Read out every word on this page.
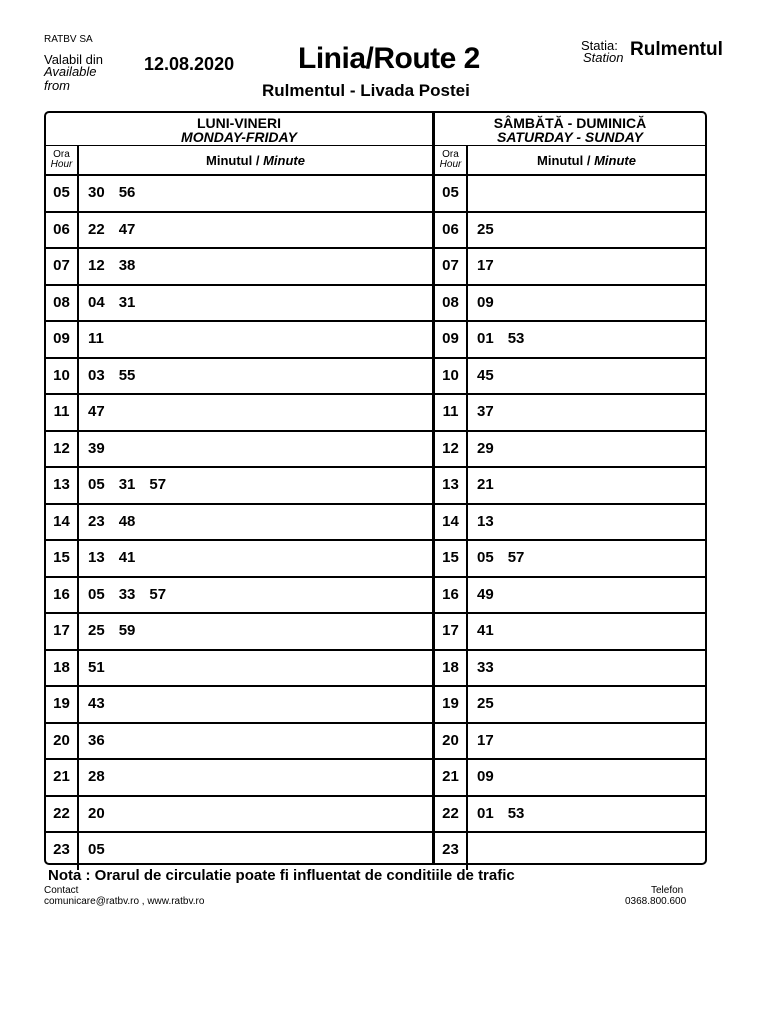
RATBV SA
Valabil din
Available from
12.08.2020 Linia/Route 2
Rulmentul - Livada Postei
Statia:
Station Rulmentul
LUNI-VINERI
MONDAY-FRIDAY
Ora
Hour	Minutul / Minute
05	30 56
06	22 47
07	12 38
08	04 31
09	11
10	03 55
11	47
12	39
13	05 31 57
14	23 48
15	13 41
16	05 33 57
17	25 59
18	51
19	43
20	36
21	28
22	20
23	05
SÂMBĂTĂ - DUMINICĂ
SATURDAY - SUNDAY
Ora
Hour	Minutul / Minute
05
06	25
07	17
08	09
09	01 53
10	45
11	37
12	29
13	21
14	13
15	05 57
16	49
17	41
18	33
19	25
20	17
21	09
22	01 53
23
Nota : Orarul de circulatie poate fi influentat de conditiile de trafic
Contact
comunicare@ratbv.ro , www.ratbv.ro
Telefon
0368.800.600
